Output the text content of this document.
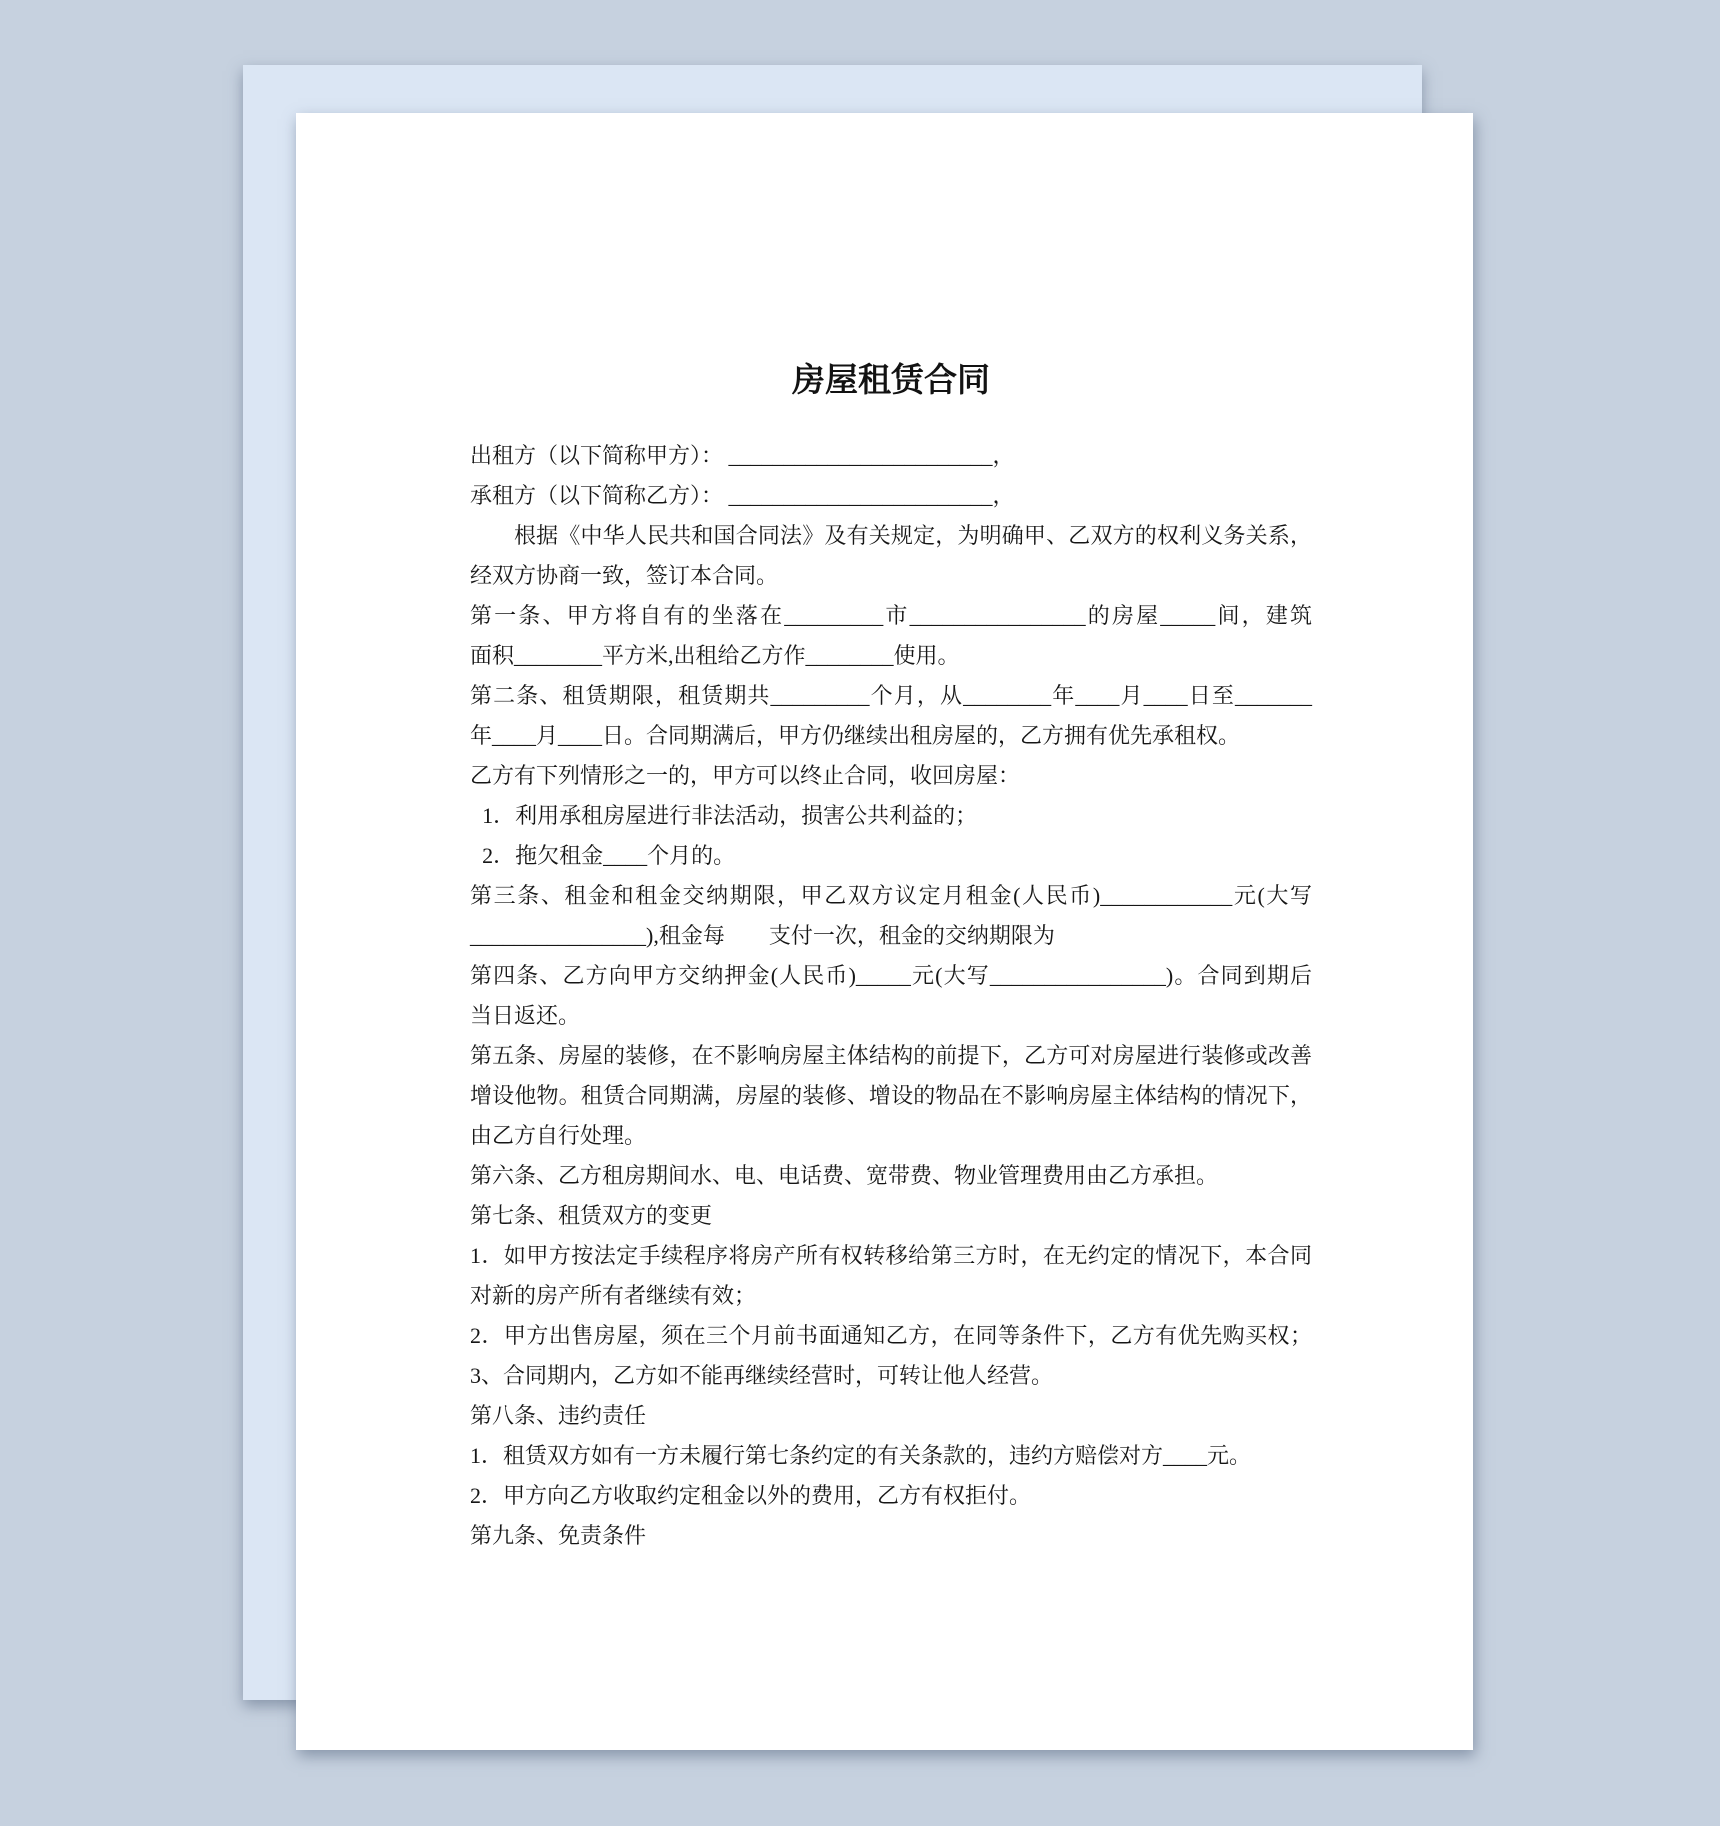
房屋租赁合同
出租方（以下简称甲方）： ________________________，
承租方（以下简称乙方）： ________________________，
根据《中华人民共和国合同法》及有关规定，为明确甲、乙双方的权利义务关系，
经双方协商一致，签订本合同。
第一条、甲方将自有的坐落在_________市________________的房屋_____间，建筑
面积________平方米,出租给乙方作________使用。
第二条、租赁期限，租赁期共_________个月，从________年____月____日至_______
年____月____日。合同期满后，甲方仍继续出租房屋的，乙方拥有优先承租权。
乙方有下列情形之一的，甲方可以终止合同，收回房屋：
1．利用承租房屋进行非法活动，损害公共利益的；
2．拖欠租金____个月的。
第三条、租金和租金交纳期限，甲乙双方议定月租金(人民币)____________元(大写
________________),租金每　　支付一次，租金的交纳期限为
第四条、乙方向甲方交纳押金(人民币)_____元(大写________________)。合同到期后
当日返还。
第五条、房屋的装修，在不影响房屋主体结构的前提下，乙方可对房屋进行装修或改善
增设他物。租赁合同期满，房屋的装修、增设的物品在不影响房屋主体结构的情况下，
由乙方自行处理。
第六条、乙方租房期间水、电、电话费、宽带费、物业管理费用由乙方承担。
第七条、租赁双方的变更
1．如甲方按法定手续程序将房产所有权转移给第三方时，在无约定的情况下，本合同
对新的房产所有者继续有效；
2．甲方出售房屋，须在三个月前书面通知乙方，在同等条件下，乙方有优先购买权；
3、合同期内，乙方如不能再继续经营时，可转让他人经营。
第八条、违约责任
1．租赁双方如有一方未履行第七条约定的有关条款的，违约方赔偿对方____元。
2．甲方向乙方收取约定租金以外的费用，乙方有权拒付。
第九条、免责条件
